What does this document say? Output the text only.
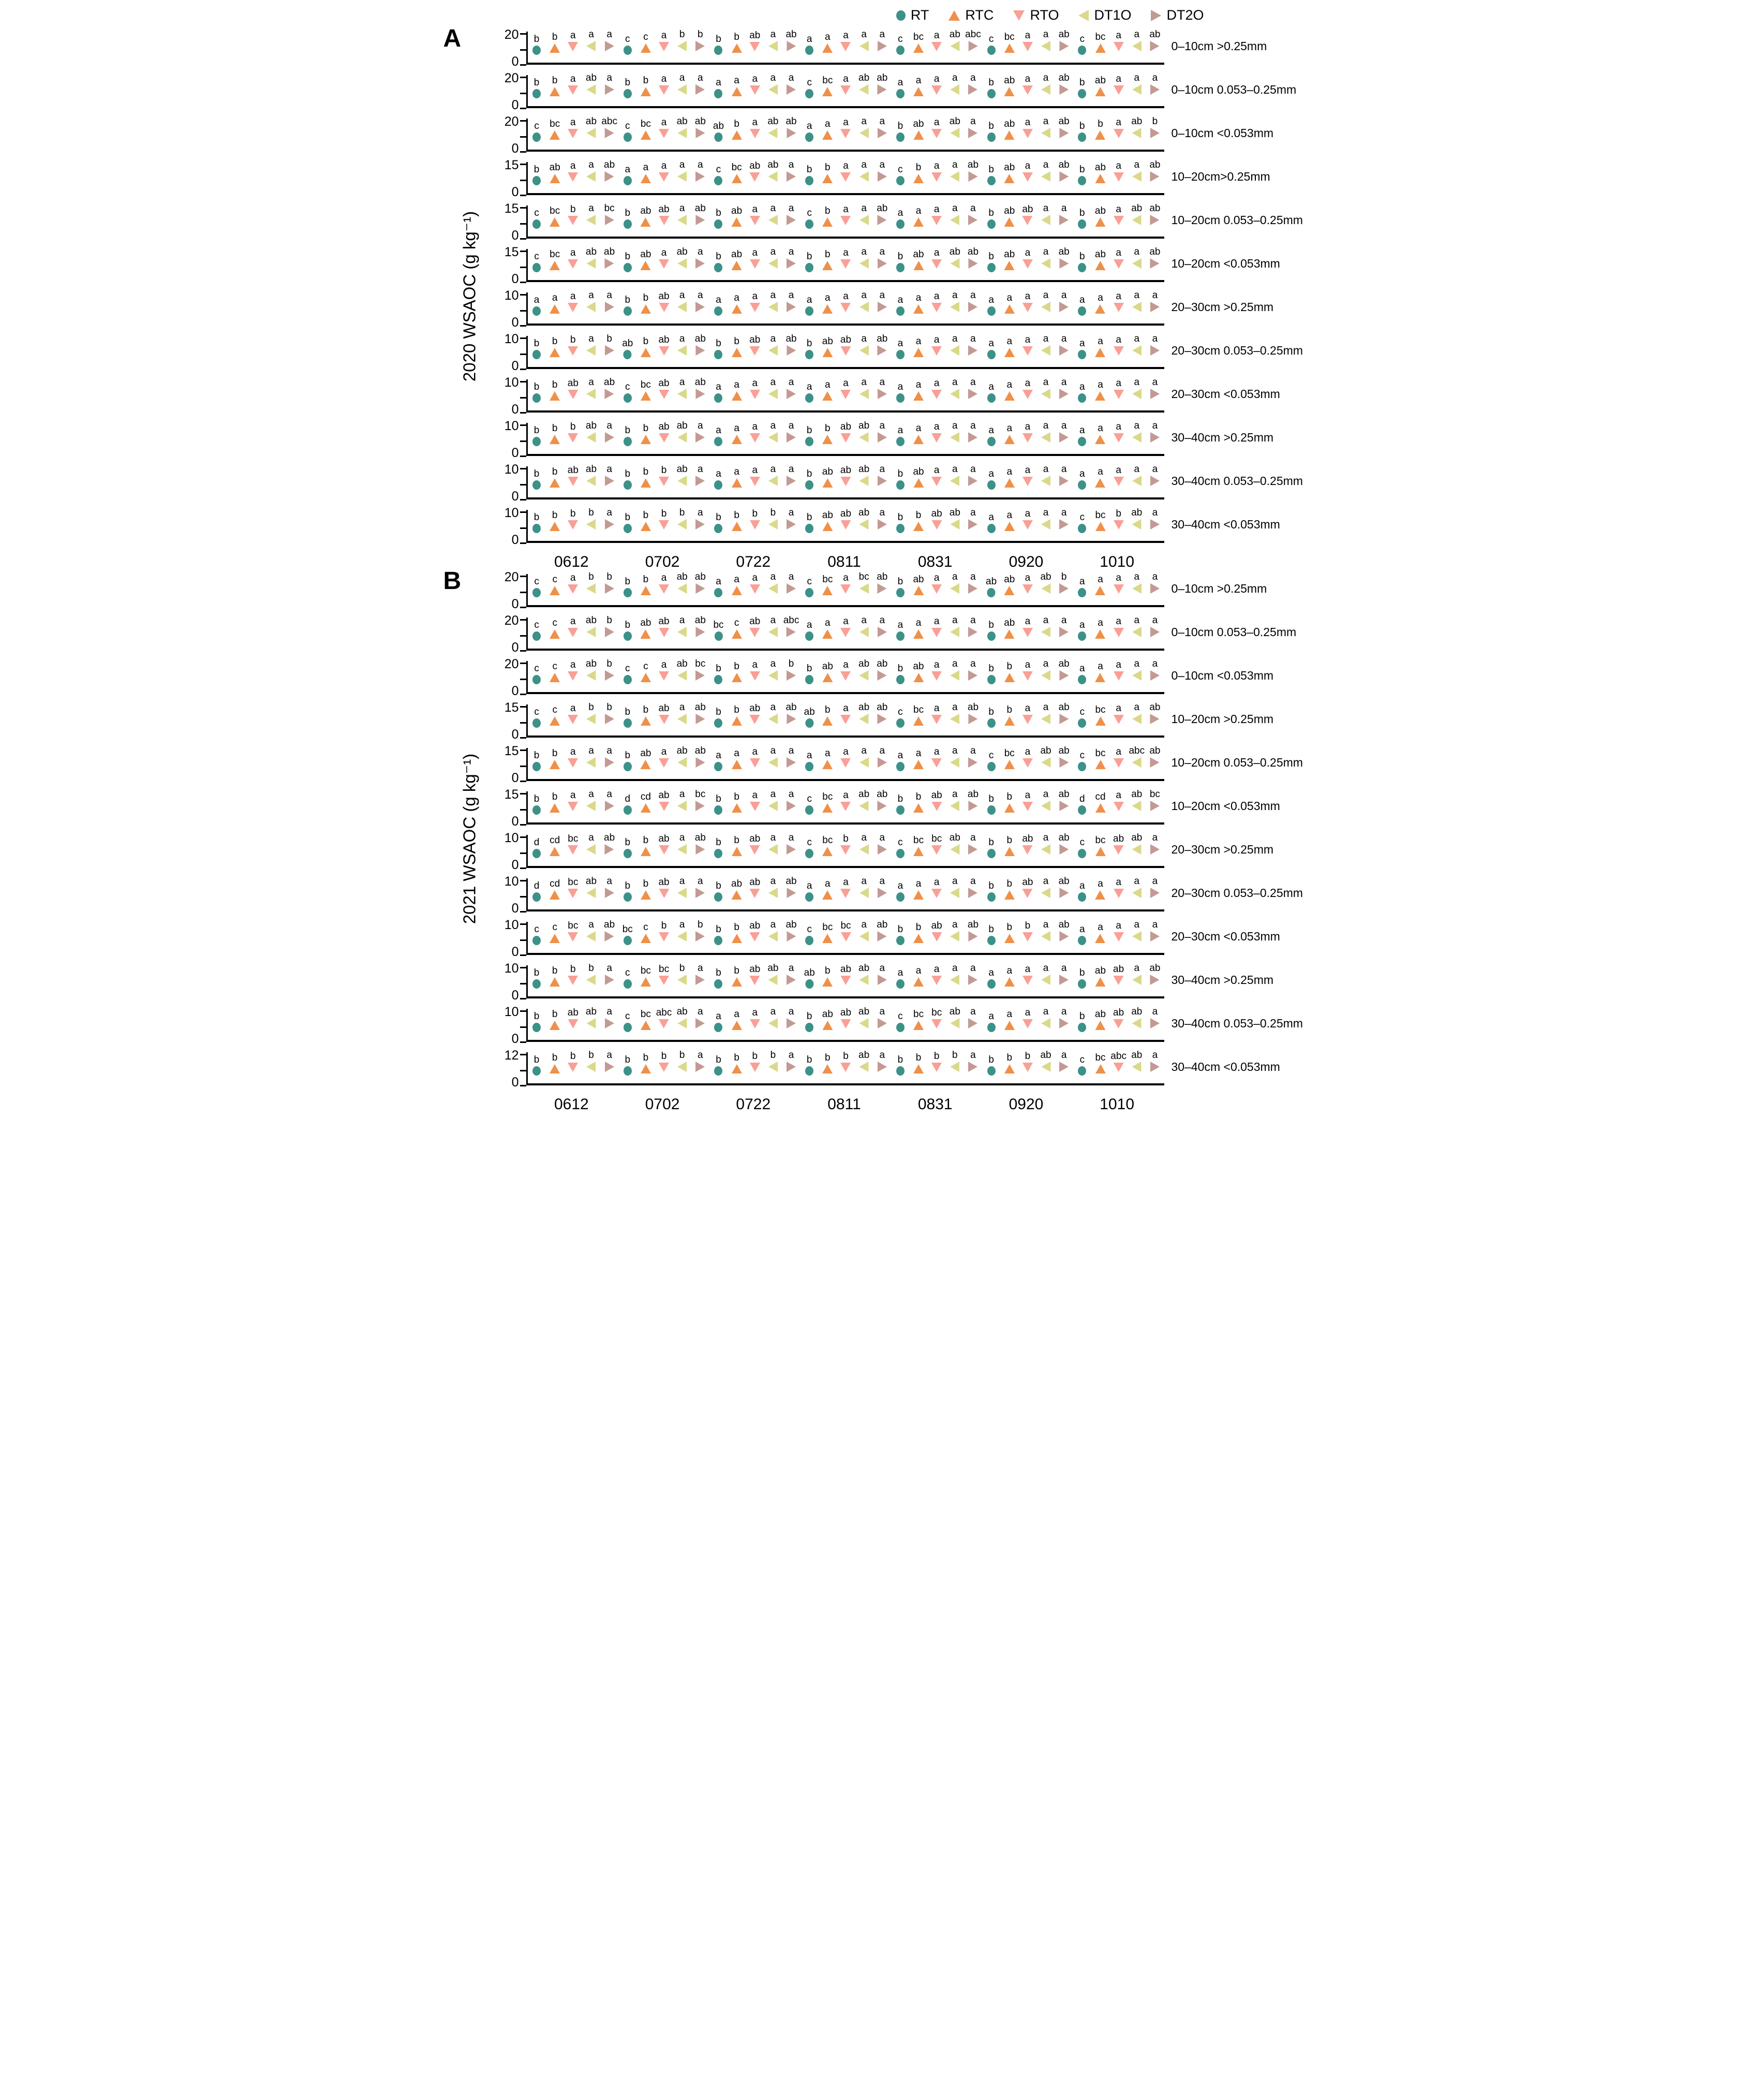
RT	RTC	RTO	DT1O	DT2O
A
2020 WSAOC (g kg⁻¹)
20
0
b b a a a c c a b b b b ab a ab a a a a a c bc a ab abc c bc a a ab c bc a a ab
0–10cm >0.25mm
20
0
b b a ab a b b a a a a a a a a c bc a ab ab a a a a a b ab a a ab b ab a a a
0–10cm 0.053–0.25mm
20
0
c bc a ab abc c bc a ab ab ab b a ab ab a a a a a b ab a ab a b ab a a ab b b a ab b
0–10cm <0.053mm
15
0
b ab a a ab a a a a a c bc ab ab a b b a a a c b a a ab b ab a a ab b ab a a ab
10–20cm>0.25mm
15
0
c bc b a bc b ab ab a ab b ab a a a c b a a ab a a a a a b ab ab a a b ab a ab ab
10–20cm 0.053–0.25mm
15
0
c bc a ab ab b ab a ab a b ab a a a b b a a a b ab a ab ab b ab a a ab b ab a a ab
10–20cm <0.053mm
10
0
a a a a a b b ab a a a a a a a a a a a a a a a a a a a a a a a a a a a
20–30cm >0.25mm
10
0
b b b a b ab b ab a ab b b ab a ab b ab ab a ab a a a a a a a a a a a a a a a
20–30cm 0.053–0.25mm
10
0
b b ab a ab c bc ab a ab a a a a a a a a a a a a a a a a a a a a a a a a a
20–30cm <0.053mm
10
0
b b b ab a b b ab ab a a a a a a b b ab ab a a a a a a a a a a a a a a a a
30–40cm >0.25mm
10
0
b b ab ab a b b b ab a a a a a a b ab ab ab a b ab a a a a a a a a a a a a a
30–40cm 0.053–0.25mm
10
0
b b b b a b b b b a b b b b a b ab ab ab a b b ab ab a a a a a a c bc b ab a
30–40cm <0.053mm
0612	0702	0722	0811	0831	0920	1010
B
2021 WSAOC (g kg⁻¹)
20
0
c c a b b b b a ab ab a a a a a c bc a bc ab b ab a a a ab ab a ab b a a a a a
0–10cm >0.25mm
20
0
c c a ab b b ab ab a ab bc c ab a abc a a a a a a a a a a b ab a a a a a a a a
0–10cm 0.053–0.25mm
20
0
c c a ab b c c a ab bc b b a a b b ab a ab ab b ab a a a b b a a ab a a a a a
0–10cm <0.053mm
15
0
c c a b b b b ab a ab b b ab a ab ab b a ab ab c bc a a ab b b a a ab c bc a a ab
10–20cm >0.25mm
15
0
b b a a a b ab a ab ab a a a a a a a a a a a a a a a c bc a ab ab c bc a abc ab
10–20cm 0.053–0.25mm
15
0
b b a a a d cd ab a bc b b a a a c bc a ab ab b b ab a ab b b a a ab d cd a ab bc
10–20cm <0.053mm
10
0
d cd bc a ab b b ab a ab b b ab a a c bc b a a c bc bc ab a b b ab a ab c bc ab ab a
20–30cm >0.25mm
10
0
d cd bc ab a b b ab a a b ab ab a ab a a a a a a a a a a b b ab a ab a a a a a
20–30cm 0.053–0.25mm
10
0
c c bc a ab bc c b a b b b ab a ab c bc bc a ab b b ab a ab b b b a ab a a a a a
20–30cm <0.053mm
10
0
b b b b a c bc bc b a b b ab ab a ab b ab ab a a a a a a a a a a a b ab ab a ab
30–40cm >0.25mm
10
0
b b ab ab a c bc abc ab a a a a a a b ab ab ab a c bc bc ab a a a a a a b ab ab ab a
30–40cm 0.053–0.25mm
12
0
b b b b a b b b b a b b b b a b b b ab a b b b b a b b b ab a c bc abc ab a
30–40cm <0.053mm
0612	0702	0722	0811	0831	0920	1010
